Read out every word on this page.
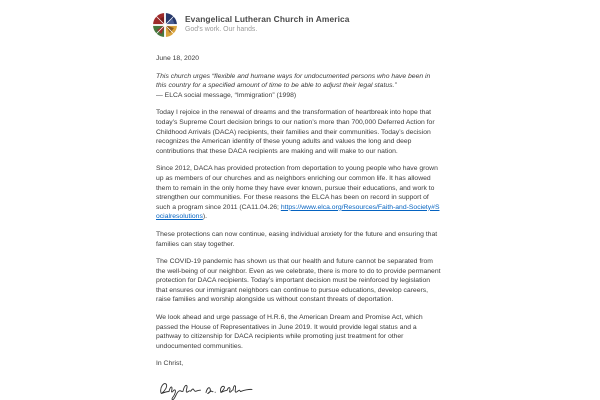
Evangelical Lutheran Church in America
God’s work. Our hands.

June 18, 2020

This church urges “flexible and humane ways for undocumented persons who have been in this country for a specified amount of time to be able to adjust their legal status.”
— ELCA social message, “Immigration” (1998)

Today I rejoice in the renewal of dreams and the transformation of heartbreak into hope that today’s Supreme Court decision brings to our nation’s more than 700,000 Deferred Action for Childhood Arrivals (DACA) recipients, their families and their communities. Today’s decision recognizes the American identity of these young adults and values the long and deep contributions that these DACA recipients are making and will make to our nation.

Since 2012, DACA has provided protection from deportation to young people who have grown up as members of our churches and as neighbors enriching our common life. It has allowed them to remain in the only home they have ever known, pursue their educations, and work to strengthen our communities. For these reasons the ELCA has been on record in support of such a program since 2011 (CA11.04.26; https://www.elca.org/Resources/Faith-and-Society#Socialresolutions).

These protections can now continue, easing individual anxiety for the future and ensuring that families can stay together.

The COVID-19 pandemic has shown us that our health and future cannot be separated from the well-being of our neighbor. Even as we celebrate, there is more to do to provide permanent protection for DACA recipients. Today’s important decision must be reinforced by legislation that ensures our immigrant neighbors can continue to pursue educations, develop careers, raise families and worship alongside us without constant threats of deportation.

We look ahead and urge passage of H.R.6, the American Dream and Promise Act, which passed the House of Representatives in June 2019. It would provide legal status and a pathway to citizenship for DACA recipients while promoting just treatment for other undocumented communities.

In Christ,
